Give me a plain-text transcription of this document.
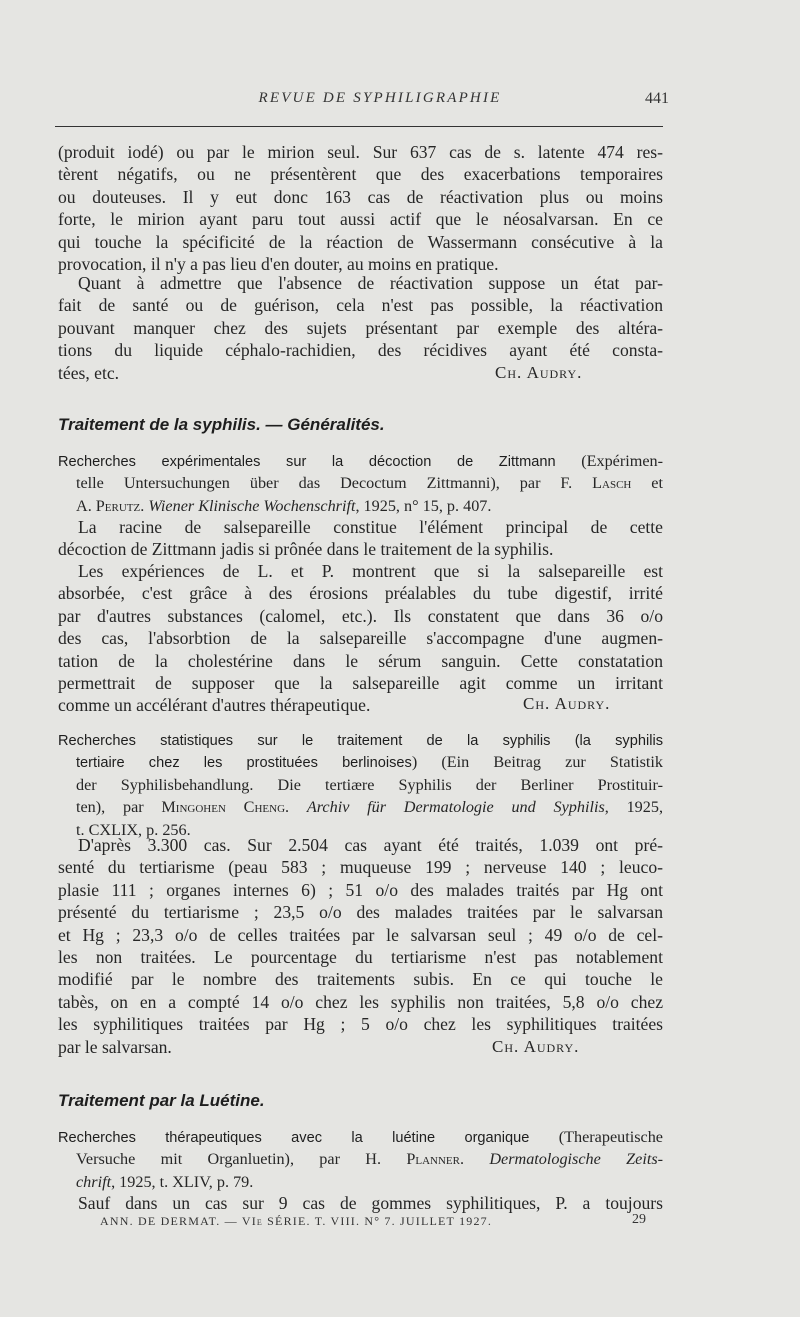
REVUE DE SYPHILIGRAPHIE	441
(produit iodé) ou par le mirion seul. Sur 637 cas de s. latente 474 res-
tèrent négatifs, ou ne présentèrent que des exacerbations temporaires
ou douteuses. Il y eut donc 163 cas de réactivation plus ou moins
forte, le mirion ayant paru tout aussi actif que le néosalvarsan. En ce
qui touche la spécificité de la réaction de Wassermann consécutive à la
provocation, il n'y a pas lieu d'en douter, au moins en pratique.
Quant à admettre que l'absence de réactivation suppose un état par-
fait de santé ou de guérison, cela n'est pas possible, la réactivation
pouvant manquer chez des sujets présentant par exemple des altéra-
tions du liquide céphalo-rachidien, des récidives ayant été consta-
tées, etc.	Ch. Audry.
Traitement de la syphilis. — Généralités.
Recherches expérimentales sur la décoction de Zittmann (Expérimen-
telle Untersuchungen über das Decoctum Zittmanni), par F. Lasch et
A. Perutz. Wiener Klinische Wochenschrift, 1925, n° 15, p. 407.
La racine de salsepareille constitue l'élément principal de cette
décoction de Zittmann jadis si prônée dans le traitement de la syphilis.
Les expériences de L. et P. montrent que si la salsepareille est
absorbée, c'est grâce à des érosions préalables du tube digestif, irrité
par d'autres substances (calomel, etc.). Ils constatent que dans 36 o/o
des cas, l'absorbtion de la salsepareille s'accompagne d'une augmen-
tation de la cholestérine dans le sérum sanguin. Cette constatation
permettrait de supposer que la salsepareille agit comme un irritant
comme un accélérant d'autres thérapeutique.	Ch. Audry.
Recherches statistiques sur le traitement de la syphilis (la syphilis
tertiaire chez les prostituées berlinoises) (Ein Beitrag zur Statistik
der Syphilisbehandlung. Die tertiære Syphilis der Berliner Prostituir-
ten), par Mingohen Cheng. Archiv für Dermatologie und Syphilis, 1925,
t. CXLIX, p. 256.
D'après 3.300 cas. Sur 2.504 cas ayant été traités, 1.039 ont pré-
senté du tertiarisme (peau 583 ; muqueuse 199 ; nerveuse 140 ; leuco-
plasie 111 ; organes internes 6) ; 51 o/o des malades traités par Hg ont
présenté du tertiarisme ; 23,5 o/o des malades traitées par le salvarsan
et Hg ; 23,3 o/o de celles traitées par le salvarsan seul ; 49 o/o de cel-
les non traitées. Le pourcentage du tertiarisme n'est pas notablement
modifié par le nombre des traitements subis. En ce qui touche le
tabès, on en a compté 14 o/o chez les syphilis non traitées, 5,8 o/o chez
les syphilitiques traitées par Hg ; 5 o/o chez les syphilitiques traitées
par le salvarsan.	Ch. Audry.
Traitement par la Luétine.
Recherches thérapeutiques avec la luétine organique (Therapeutische
Versuche mit Organluetin), par H. Planner. Dermatologische Zeits-
chrift, 1925, t. XLIV, p. 79.
Sauf dans un cas sur 9 cas de gommes syphilitiques, P. a toujours
ANN. DE DERMAT. — VIe SÉRIE. T. VIII. N° 7. JUILLET 1927.	29
